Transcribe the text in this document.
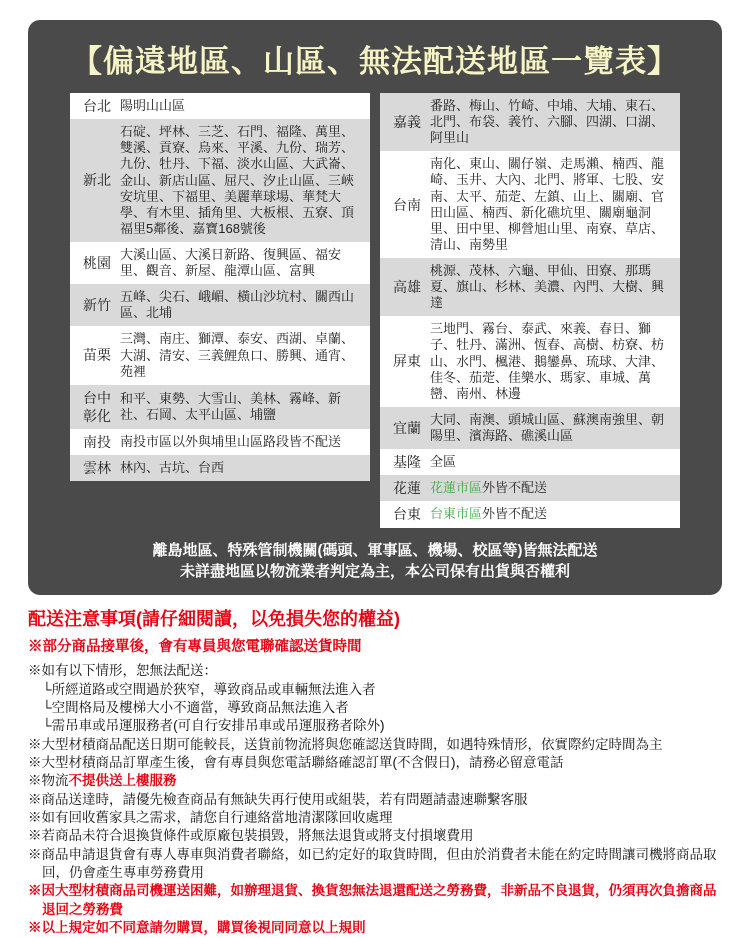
【偏遠地區、山區、無法配送地區一覽表】
台北 陽明山山區
新北
石碇、坪林、三芝、石門、福隆、萬里、雙溪、貢寮、烏來、平溪、九份、瑞芳、九份、牡丹、下福、淡水山區、大武崙、金山、新店山區、屈尺、汐止山區、三峽安坑里、下福里、美麗華球場、華梵大學、有木里、插角里、大板根、五寮、頂福里5鄰後、嘉寶168號後
桃園
大溪山區、大溪日新路、復興區、福安里、觀音、新屋、龍潭山區、富興
新竹
五峰、尖石、峨嵋、橫山沙坑村、關西山區、北埔
苗栗
三灣、南庄、獅潭、泰安、西湖、卓蘭、大湖、清安、三義鯉魚口、勝興、通宵、苑裡
台中彰化
和平、東勢、大雪山、美林、霧峰、新社、石岡、太平山區、埔鹽
南投 南投市區以外與埔里山區路段皆不配送
雲林 林內、古坑、台西
嘉義
番路、梅山、竹崎、中埔、大埔、東石、北門、布袋、義竹、六腳、四湖、口湖、阿里山
台南
南化、東山、關仔嶺、走馬瀨、楠西、龍崎、玉井、大內、北門、將軍、七股、安南、太平、茄萣、左鎮、山上、關廟、官田山區、楠西、新化礁坑里、關廟龜洞里、田中里、柳營旭山里、南寮、草店、清山、南勢里
高雄
桃源、茂林、六龜、甲仙、田寮、那瑪夏、旗山、杉林、美濃、內門、大樹、興達
屏東
三地門、霧台、泰武、來義、春日、獅子、牡丹、滿洲、恆春、高樹、枋寮、枋山、水門、楓港、鵝鑾鼻、琉球、大津、佳冬、茄萣、佳樂水、瑪家、車城、萬巒、南州、林邊
宜蘭
大同、南澳、頭城山區、蘇澳南強里、朝陽里、濱海路、礁溪山區
基隆 全區
花蓮 花蓮市區外皆不配送
台東 台東市區外皆不配送
離島地區、特殊管制機關(碼頭、軍事區、機場、校區等)皆無法配送
未詳盡地區以物流業者判定為主，本公司保有出貨與否權利
配送注意事項(請仔細閱讀，以免損失您的權益)
※部分商品接單後，會有專員與您電聯確認送貨時間
※如有以下情形，恕無法配送：
└所經道路或空間過於狹窄，導致商品或車輛無法進入者
└空間格局及樓梯大小不適當，導致商品無法進入者
└需吊車或吊運服務者(可自行安排吊車或吊運服務者除外)
※大型材積商品配送日期可能較長，送貨前物流將與您確認送貨時間，如遇特殊情形，依實際約定時間為主
※大型材積商品訂單產生後，會有專員與您電話聯絡確認訂單(不含假日)，請務必留意電話
※物流不提供送上樓服務
※商品送達時，請優先檢查商品有無缺失再行使用或組裝，若有問題請盡速聯繫客服
※如有回收舊家具之需求，請您自行連絡當地清潔隊回收處理
※若商品未符合退換貨條件或原廠包裝損毀，將無法退貨或將支付損壞費用
※商品申請退貨會有專人專車與消費者聯絡，如已約定好的取貨時間，但由於消費者未能在約定時間讓司機將商品取回，仍會產生專車勞務費用
※因大型材積商品司機運送困難，如辦理退貨、換貨恕無法退還配送之勞務費，非新品不良退貨，仍須再次負擔商品退回之勞務費
※以上規定如不同意請勿購買，購買後視同同意以上規則
